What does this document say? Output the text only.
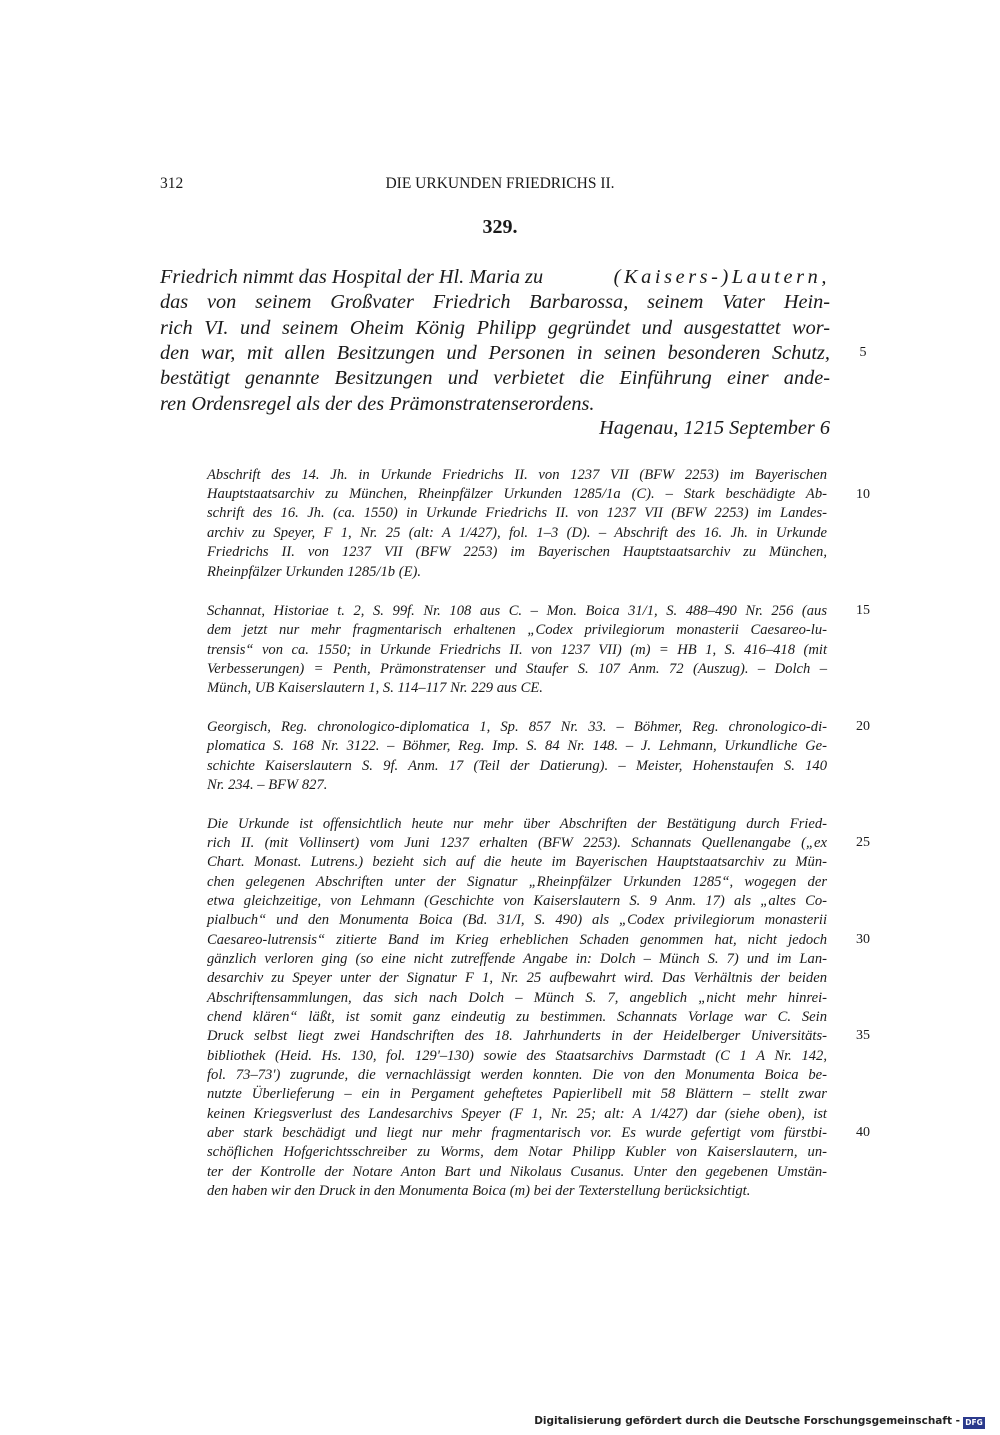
312	DIE URKUNDEN FRIEDRICHS II.
329.
Friedrich nimmt das Hospital der Hl. Maria zu	(Kaisers-)Lautern,
das von seinem Großvater Friedrich Barbarossa, seinem Vater Hein-
rich VI. und seinem Oheim König Philipp gegründet und ausgestattet wor-
den war, mit allen Besitzungen und Personen in seinen besonderen Schutz,
bestätigt genannte Besitzungen und verbietet die Einführung einer ande-
ren Ordensregel als der des Prämonstratenserordens.
Hagenau, 1215 September 6
Abschrift des 14. Jh. in Urkunde Friedrichs II. von 1237 VII (BFW 2253) im Bayerischen
Hauptstaatsarchiv zu München, Rheinpfälzer Urkunden 1285/1a (C). – Stark beschädigte Ab-
schrift des 16. Jh. (ca. 1550) in Urkunde Friedrichs II. von 1237 VII (BFW 2253) im Landes-
archiv zu Speyer, F 1, Nr. 25 (alt: A 1/427), fol. 1–3 (D). – Abschrift des 16. Jh. in Urkunde
Friedrichs II. von 1237 VII (BFW 2253) im Bayerischen Hauptstaatsarchiv zu München,
Rheinpfälzer Urkunden 1285/1b (E).
Schannat, Historiae t. 2, S. 99f. Nr. 108 aus C. – Mon. Boica 31/1, S. 488–490 Nr. 256 (aus
dem jetzt nur mehr fragmentarisch erhaltenen „Codex privilegiorum monasterii Caesareo-lu-
trensis“ von ca. 1550; in Urkunde Friedrichs II. von 1237 VII) (m) = HB 1, S. 416–418 (mit
Verbesserungen) = Penth, Prämonstratenser und Staufer S. 107 Anm. 72 (Auszug). – Dolch –
Münch, UB Kaiserslautern 1, S. 114–117 Nr. 229 aus CE.
Georgisch, Reg. chronologico-diplomatica 1, Sp. 857 Nr. 33. – Böhmer, Reg. chronologico-di-
plomatica S. 168 Nr. 3122. – Böhmer, Reg. Imp. S. 84 Nr. 148. – J. Lehmann, Urkundliche Ge-
schichte Kaiserslautern S. 9f. Anm. 17 (Teil der Datierung). – Meister, Hohenstaufen S. 140
Nr. 234. – BFW 827.
Die Urkunde ist offensichtlich heute nur mehr über Abschriften der Bestätigung durch Fried-
rich II. (mit Vollinsert) vom Juni 1237 erhalten (BFW 2253). Schannats Quellenangabe („ex
Chart. Monast. Lutrens.) bezieht sich auf die heute im Bayerischen Hauptstaatsarchiv zu Mün-
chen gelegenen Abschriften unter der Signatur „Rheinpfälzer Urkunden 1285“, wogegen der
etwa gleichzeitige, von Lehmann (Geschichte von Kaiserslautern S. 9 Anm. 17) als „altes Co-
pialbuch“ und den Monumenta Boica (Bd. 31/I, S. 490) als „Codex privilegiorum monasterii
Caesareo-lutrensis“ zitierte Band im Krieg erheblichen Schaden genommen hat, nicht jedoch
gänzlich verloren ging (so eine nicht zutreffende Angabe in: Dolch – Münch S. 7) und im Lan-
desarchiv zu Speyer unter der Signatur F 1, Nr. 25 aufbewahrt wird. Das Verhältnis der beiden
Abschriftensammlungen, das sich nach Dolch – Münch S. 7, angeblich „nicht mehr hinrei-
chend klären“ läßt, ist somit ganz eindeutig zu bestimmen. Schannats Vorlage war C. Sein
Druck selbst liegt zwei Handschriften des 18. Jahrhunderts in der Heidelberger Universitäts-
bibliothek (Heid. Hs. 130, fol. 129'–130) sowie des Staatsarchivs Darmstadt (C 1 A Nr. 142,
fol. 73–73') zugrunde, die vernachlässigt werden konnten. Die von den Monumenta Boica be-
nutzte Überlieferung – ein in Pergament geheftetes Papierlibell mit 58 Blättern – stellt zwar
keinen Kriegsverlust des Landesarchivs Speyer (F 1, Nr. 25; alt: A 1/427) dar (siehe oben), ist
aber stark beschädigt und liegt nur mehr fragmentarisch vor. Es wurde gefertigt vom fürstbi-
schöflichen Hofgerichtsschreiber zu Worms, dem Notar Philipp Kubler von Kaiserslautern, un-
ter der Kontrolle der Notare Anton Bart und Nikolaus Cusanus. Unter den gegebenen Umstän-
den haben wir den Druck in den Monumenta Boica (m) bei der Texterstellung berücksichtigt.
5
10
15
20
25
30
35
40
Digitalisierung gefördert durch die Deutsche Forschungsgemeinschaft - DFG
